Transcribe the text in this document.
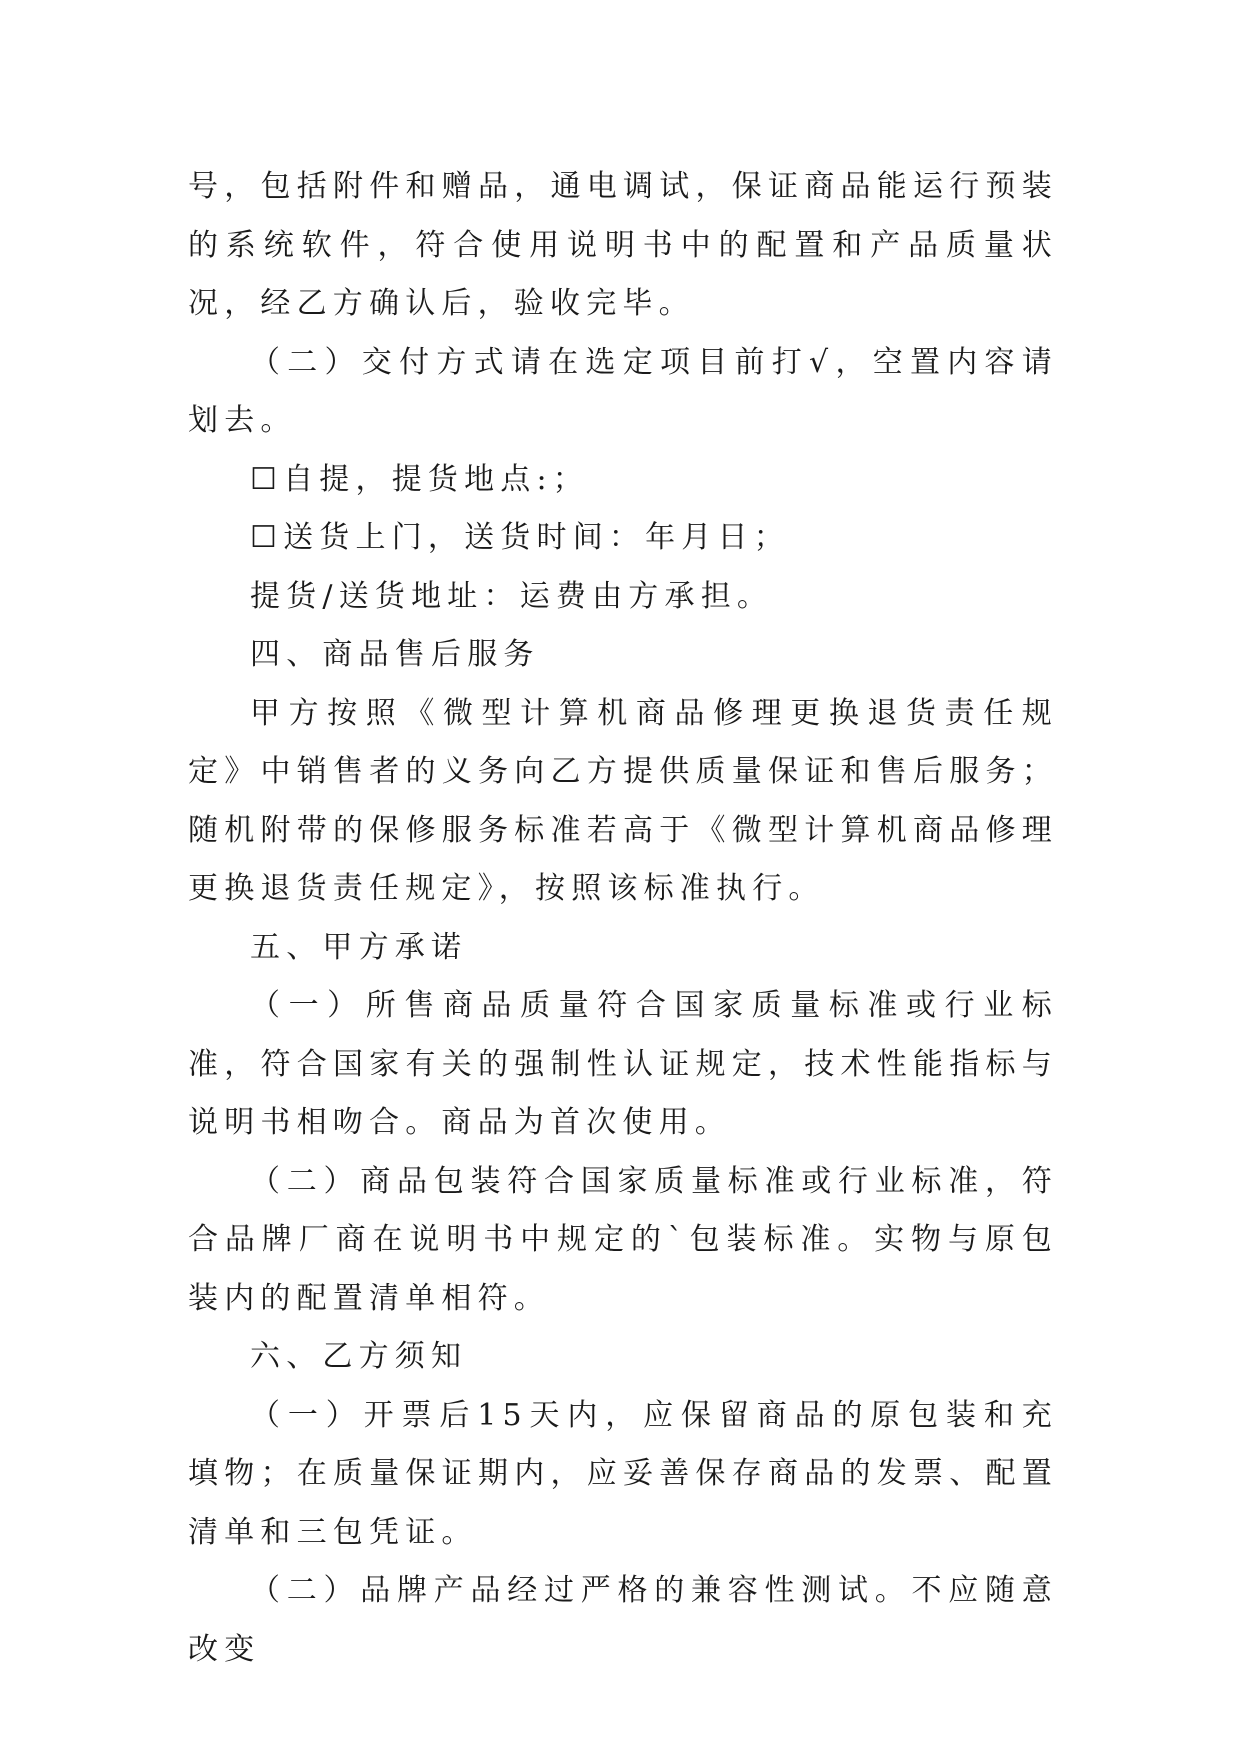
号，包括附件和赠品，通电调试，保证商品能运行预装的系统软件，符合使用说明书中的配置和产品质量状况，经乙方确认后，验收完毕。

（二）交付方式请在选定项目前打√，空置内容请划去。

☐自提，提货地点:；

☐送货上门，送货时间：年月日；

提货/送货地址：运费由方承担。

四、商品售后服务

甲方按照《微型计算机商品修理更换退货责任规定》中销售者的义务向乙方提供质量保证和售后服务；随机附带的保修服务标准若高于《微型计算机商品修理更换退货责任规定》，按照该标准执行。

五、甲方承诺

（一）所售商品质量符合国家质量标准或行业标准，符合国家有关的强制性认证规定，技术性能指标与说明书相吻合。商品为首次使用。

（二）商品包装符合国家质量标准或行业标准，符合品牌厂商在说明书中规定的`包装标准。实物与原包装内的配置清单相符。

六、乙方须知

（一）开票后15天内，应保留商品的原包装和充填物；在质量保证期内，应妥善保存商品的发票、配置清单和三包凭证。

（二）品牌产品经过严格的兼容性测试。不应随意改变
